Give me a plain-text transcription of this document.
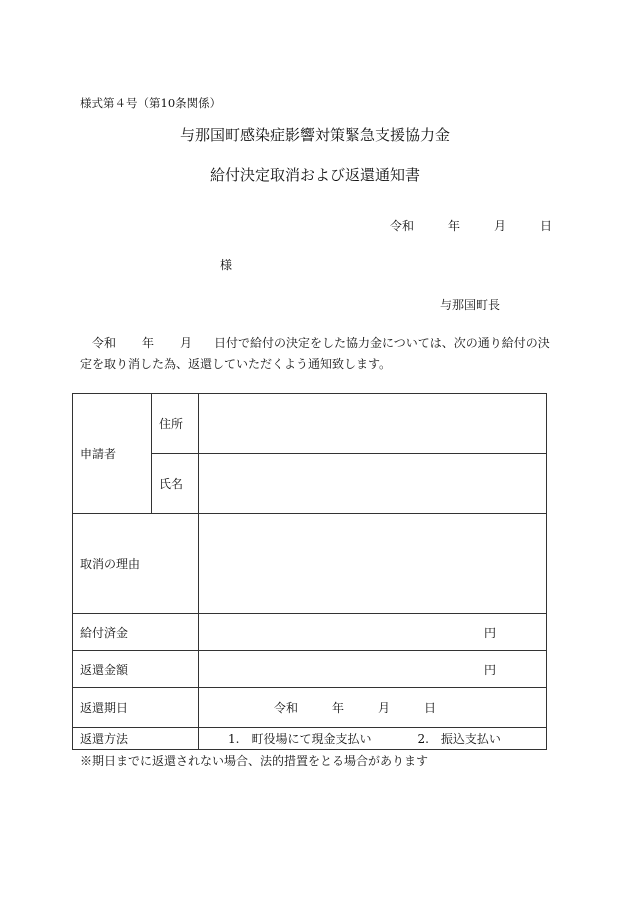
様式第４号（第10条関係）
与那国町感染症影響対策緊急支援協力金
給付決定取消および返還通知書
令和	年	月	日
様
与那国町長
令和 年 月 日付で給付の決定をした協力金については、次の通り給付の決定を取り消した為、返還していただくよう通知致します。
申請者	住所	
	氏名	
取消の理由		
給付済金		円

返還金額		円

返還期日		令和 年 月 日
返還方法		1.　町役場にて現金支払い 2.　振込支払い
※期日までに返還されない場合、法的措置をとる場合があります
